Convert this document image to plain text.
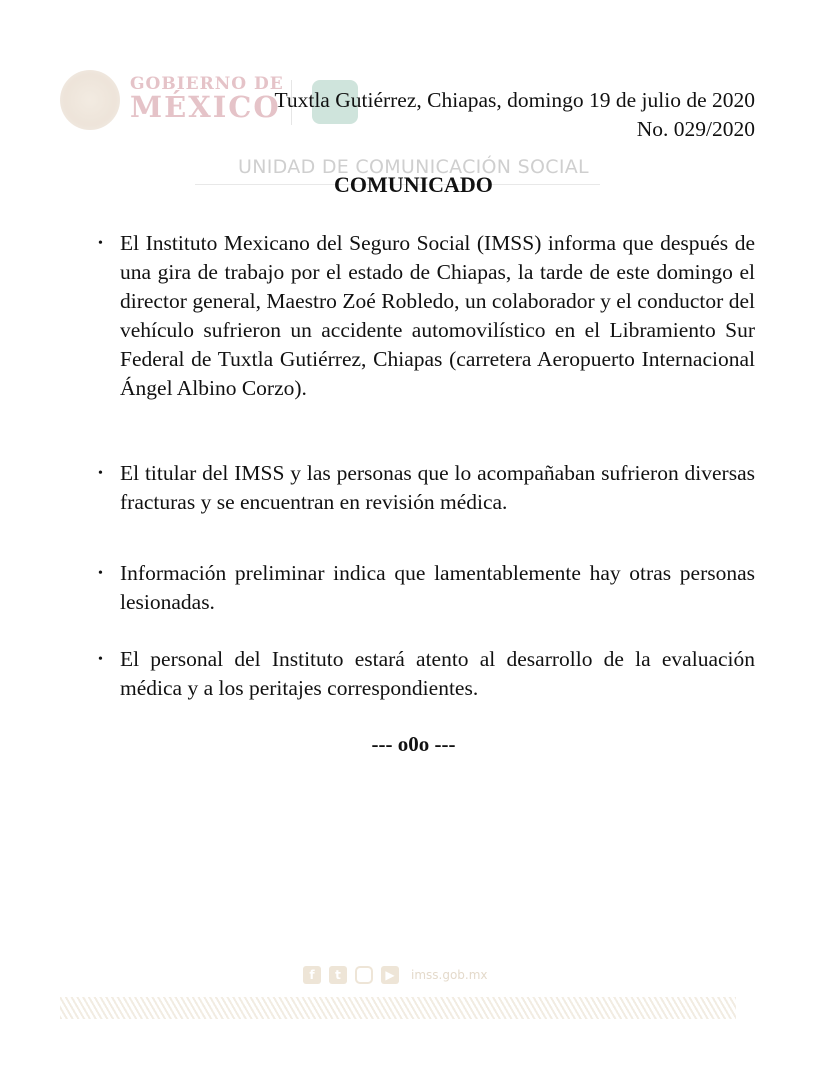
GOBIERNO DE
MÉXICO
Tuxtla Gutiérrez, Chiapas, domingo 19 de julio de 2020
No. 029/2020
UNIDAD DE COMUNICACIÓN SOCIAL
COMUNICADO
• El Instituto Mexicano del Seguro Social (IMSS) informa que después de una gira de trabajo por el estado de Chiapas, la tarde de este domingo el director general, Maestro Zoé Robledo, un colaborador y el conductor del vehículo sufrieron un accidente automovilístico en el Libramiento Sur Federal de Tuxtla Gutiérrez, Chiapas (carretera Aeropuerto Internacional Ángel Albino Corzo).
• El titular del IMSS y las personas que lo acompañaban sufrieron diversas fracturas y se encuentran en revisión médica.
• Información preliminar indica que lamentablemente hay otras personas lesionadas.
• El personal del Instituto estará atento al desarrollo de la evaluación médica y a los peritajes correspondientes.
--- o0o ---
f	t	▶	imss.gob.mx
